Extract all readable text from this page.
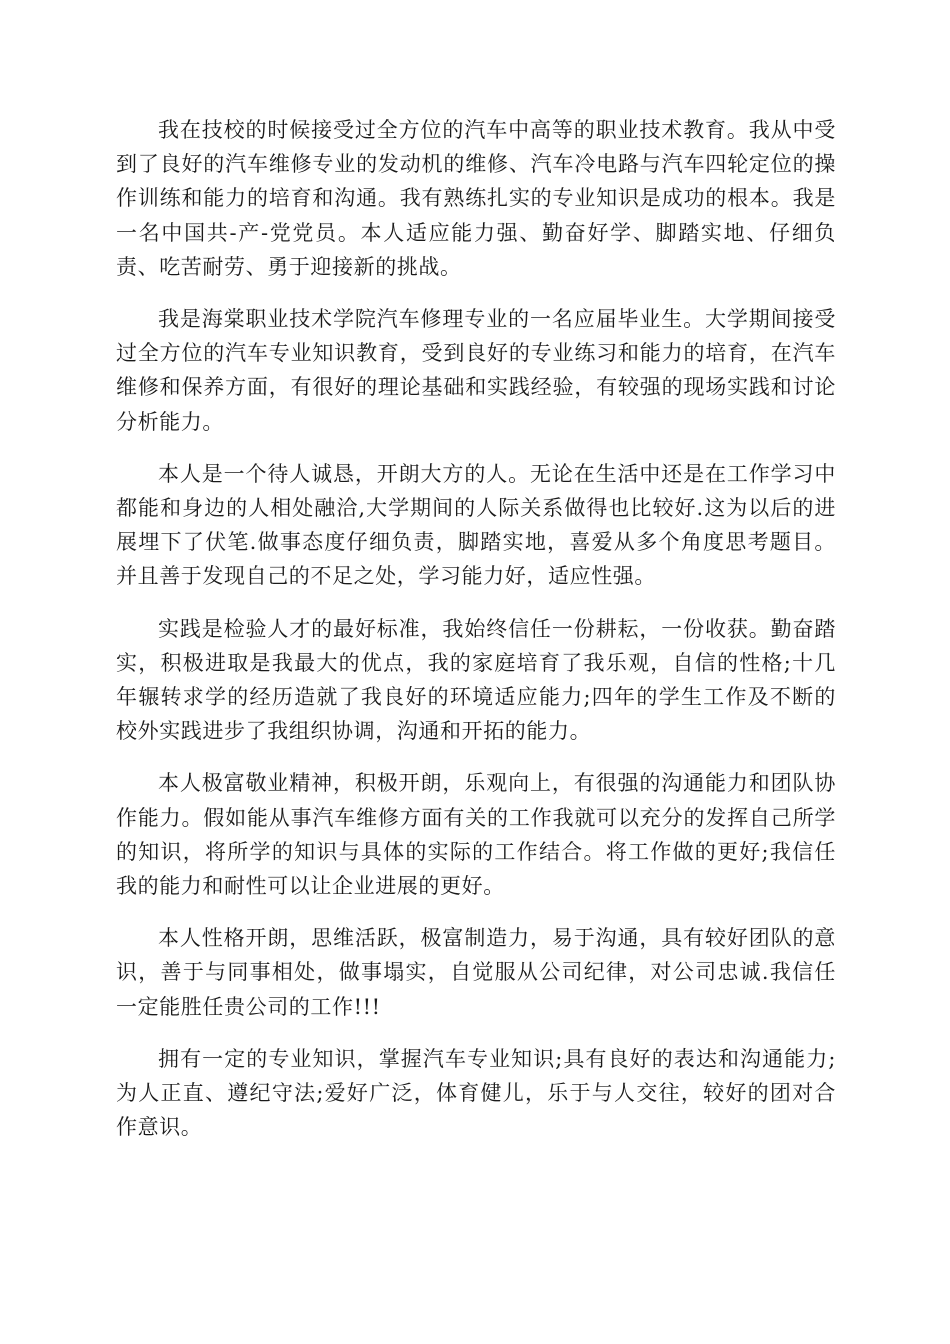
我在技校的时候接受过全方位的汽车中高等的职业技术教育。我从中受到了良好的汽车维修专业的发动机的维修、汽车冷电路与汽车四轮定位的操作训练和能力的培育和沟通。我有熟练扎实的专业知识是成功的根本。我是一名中国共-产-党党员。本人适应能力强、勤奋好学、脚踏实地、仔细负责、吃苦耐劳、勇于迎接新的挑战。

我是海棠职业技术学院汽车修理专业的一名应届毕业生。大学期间接受过全方位的汽车专业知识教育，受到良好的专业练习和能力的培育，在汽车维修和保养方面，有很好的理论基础和实践经验，有较强的现场实践和讨论分析能力。

本人是一个待人诚恳，开朗大方的人。无论在生活中还是在工作学习中都能和身边的人相处融洽,大学期间的人际关系做得也比较好.这为以后的进展埋下了伏笔.做事态度仔细负责，脚踏实地，喜爱从多个角度思考题目。并且善于发现自己的不足之处，学习能力好，适应性强。

实践是检验人才的最好标准，我始终信任一份耕耘，一份收获。勤奋踏实，积极进取是我最大的优点，我的家庭培育了我乐观，自信的性格;十几年辗转求学的经历造就了我良好的环境适应能力;四年的学生工作及不断的校外实践进步了我组织协调，沟通和开拓的能力。

本人极富敬业精神，积极开朗，乐观向上，有很强的沟通能力和团队协作能力。假如能从事汽车维修方面有关的工作我就可以充分的发挥自己所学的知识，将所学的知识与具体的实际的工作结合。将工作做的更好;我信任我的能力和耐性可以让企业进展的更好。

本人性格开朗，思维活跃，极富制造力，易于沟通，具有较好团队的意识，善于与同事相处，做事塌实，自觉服从公司纪律，对公司忠诚.我信任一定能胜任贵公司的工作!!!

拥有一定的专业知识，掌握汽车专业知识;具有良好的表达和沟通能力;为人正直、遵纪守法;爱好广泛，体育健儿，乐于与人交往，较好的团对合作意识。
